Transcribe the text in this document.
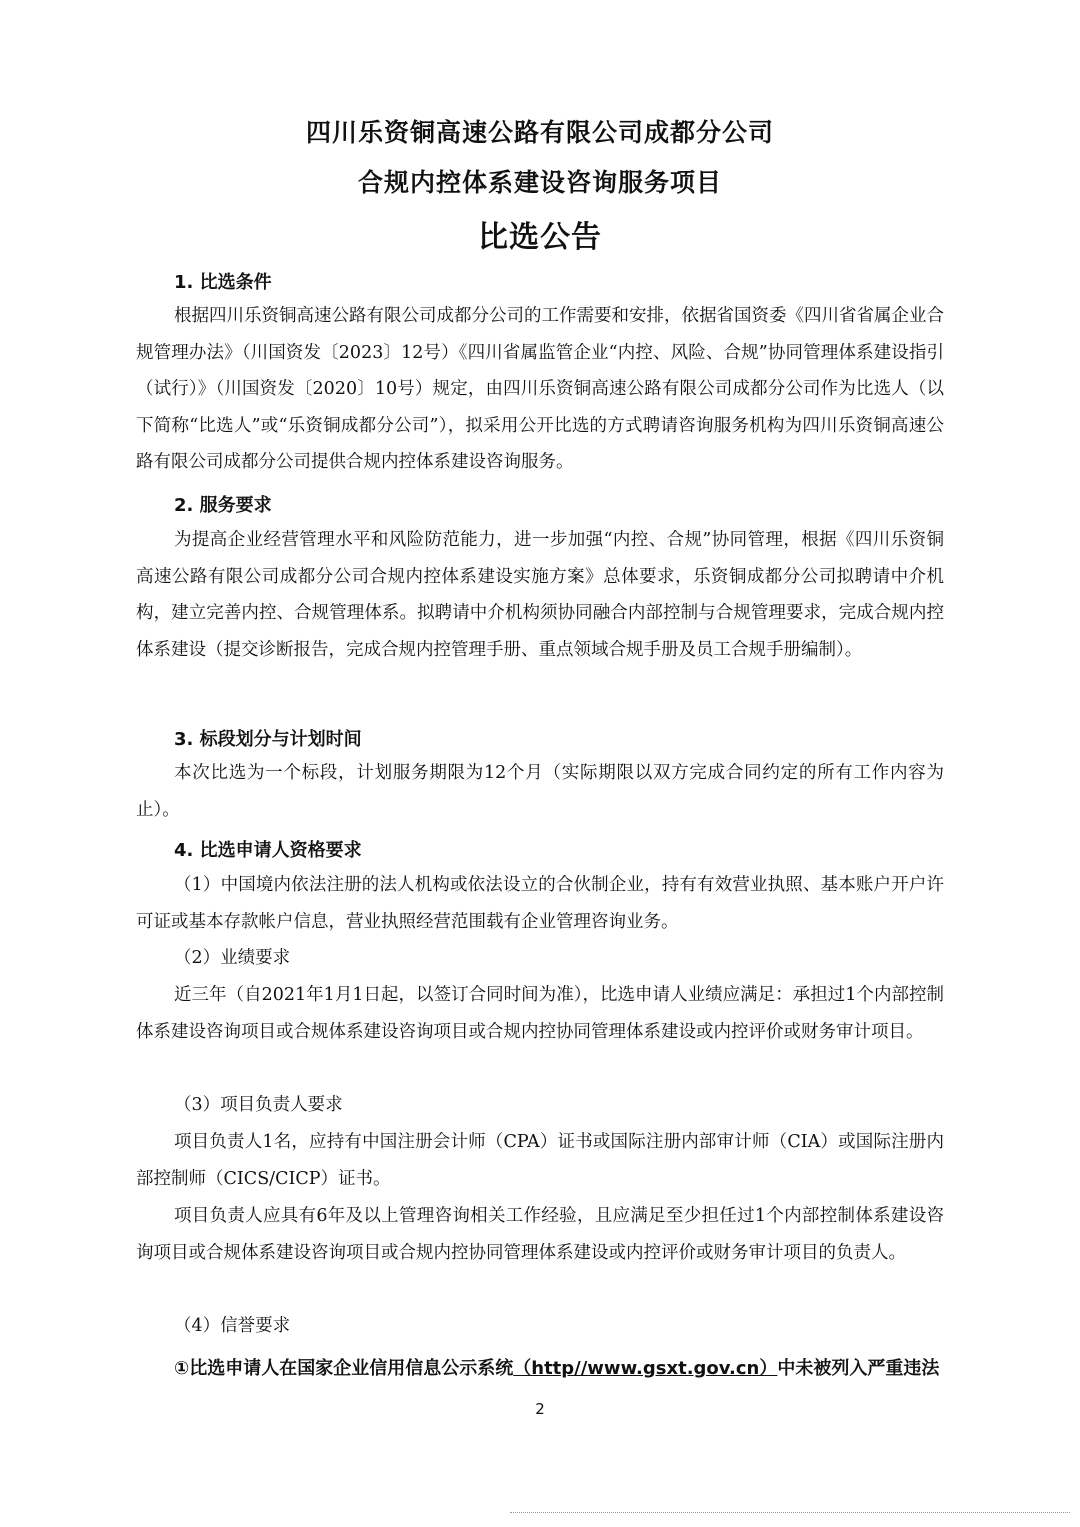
四川乐资铜高速公路有限公司成都分公司
合规内控体系建设咨询服务项目
比选公告
1. 比选条件

根据四川乐资铜高速公路有限公司成都分公司的工作需要和安排，依据省国资委《四川省省属企业合规管理办法》（川国资发〔2023〕12号）《四川省属监管企业“内控、风险、合规”协同管理体系建设指引（试行）》（川国资发〔2020〕10号）规定，由四川乐资铜高速公路有限公司成都分公司作为比选人（以下简称“比选人”或“乐资铜成都分公司”），拟采用公开比选的方式聘请咨询服务机构为四川乐资铜高速公路有限公司成都分公司提供合规内控体系建设咨询服务。

2. 服务要求

为提高企业经营管理水平和风险防范能力，进一步加强“内控、合规”协同管理，根据《四川乐资铜高速公路有限公司成都分公司合规内控体系建设实施方案》总体要求，乐资铜成都分公司拟聘请中介机构，建立完善内控、合规管理体系。拟聘请中介机构须协同融合内部控制与合规管理要求，完成合规内控体系建设（提交诊断报告，完成合规内控管理手册、重点领域合规手册及员工合规手册编制）。

3. 标段划分与计划时间

本次比选为一个标段，计划服务期限为12个月（实际期限以双方完成合同约定的所有工作内容为止）。

4. 比选申请人资格要求

（1）中国境内依法注册的法人机构或依法设立的合伙制企业，持有有效营业执照、基本账户开户许可证或基本存款帐户信息，营业执照经营范围载有企业管理咨询业务。

（2）业绩要求

近三年（自2021年1月1日起，以签订合同时间为准），比选申请人业绩应满足：承担过1个内部控制体系建设咨询项目或合规体系建设咨询项目或合规内控协同管理体系建设或内控评价或财务审计项目。

（3）项目负责人要求

项目负责人1名，应持有中国注册会计师（CPA）证书或国际注册内部审计师（CIA）或国际注册内部控制师（CICS/CICP）证书。

项目负责人应具有6年及以上管理咨询相关工作经验，且应满足至少担任过1个内部控制体系建设咨询项目或合规体系建设咨询项目或合规内控协同管理体系建设或内控评价或财务审计项目的负责人。

（4）信誉要求
①比选申请人在国家企业信用信息公示系统（http//www.gsxt.gov.cn）中未被列入严重违法
2
